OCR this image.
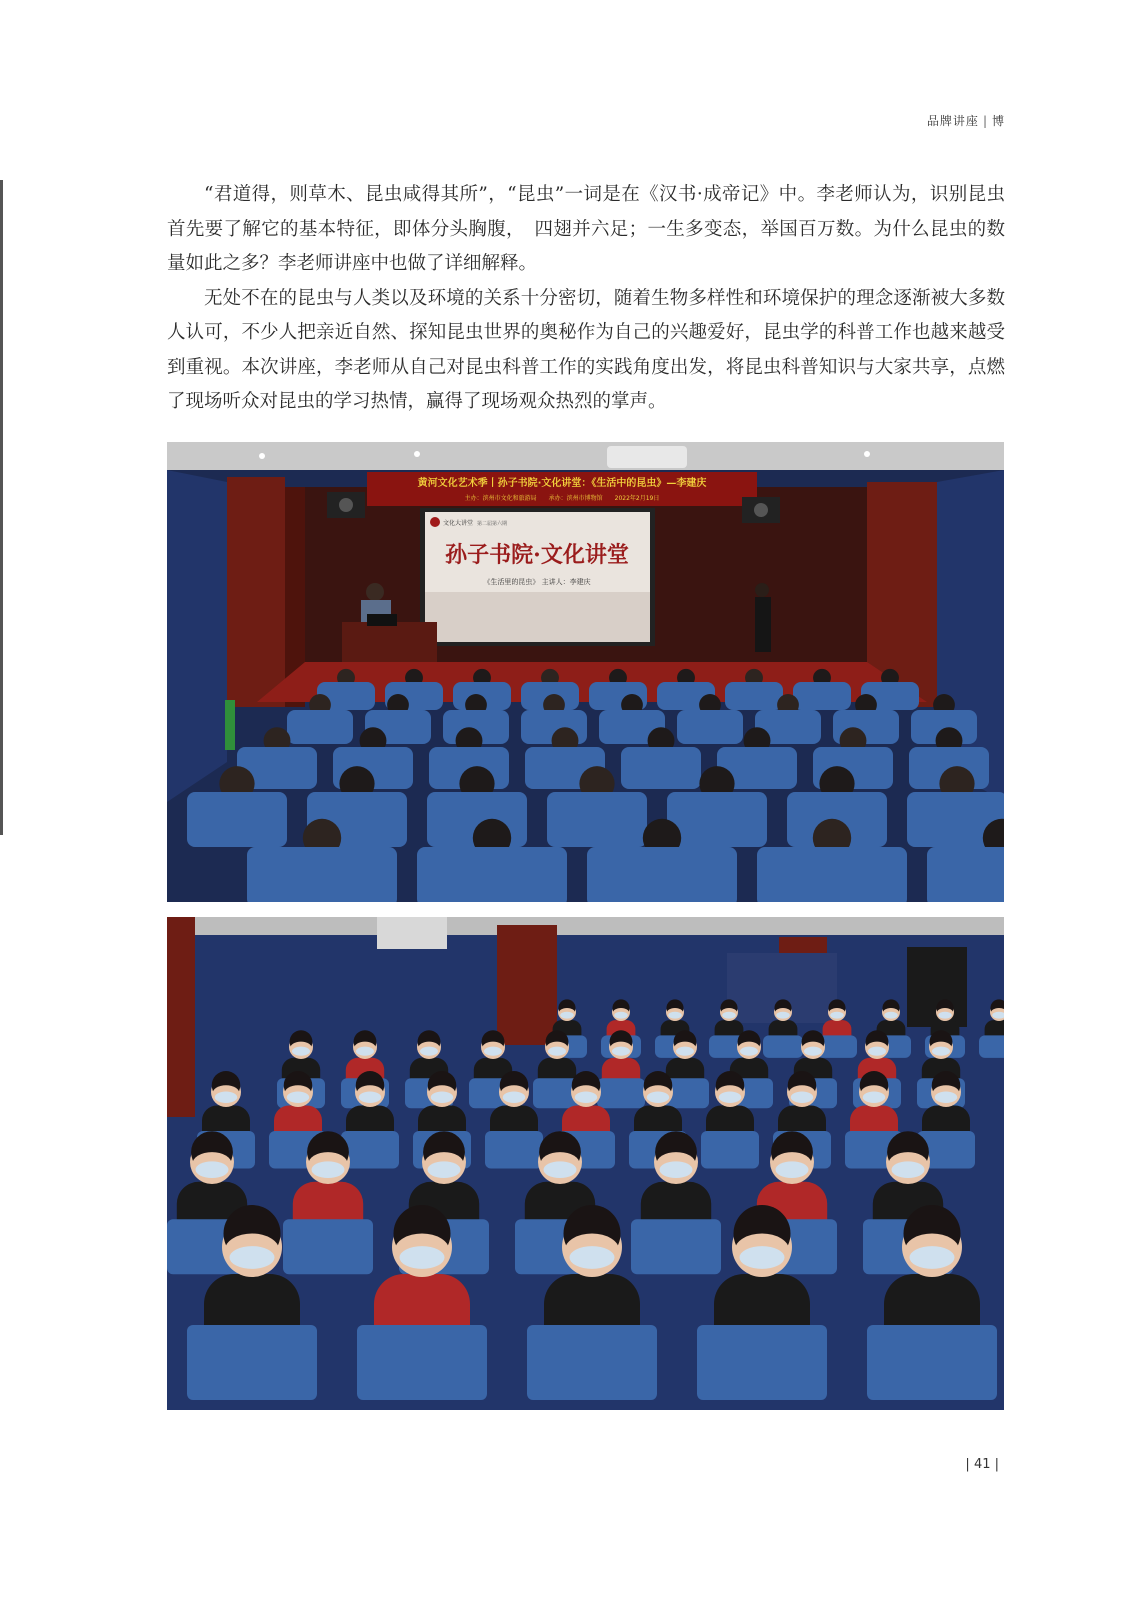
品牌讲座 | 博

“君道得，则草木、昆虫咸得其所”，“昆虫”一词是在《汉书·成帝记》中。李老师认为，识别昆虫首先要了解它的基本特征，即体分头胸腹，　四翅并六足；一生多变态，举国百万数。为什么昆虫的数量如此之多？李老师讲座中也做了详细解释。

无处不在的昆虫与人类以及环境的关系十分密切，随着生物多样性和环境保护的理念逐渐被大多数人认可，不少人把亲近自然、探知昆虫世界的奥秘作为自己的兴趣爱好，昆虫学的科普工作也越来越受到重视。本次讲座，李老师从自己对昆虫科普工作的实践角度出发，将昆虫科普知识与大家共享，点燃了现场听众对昆虫的学习热情，赢得了现场观众热烈的掌声。

黄河文化艺术季丨孙子书院·文化讲堂：《生活中的昆虫》—李建庆
主办：滨州市文化和旅游局　　承办：滨州市博物馆　　2022年2月19日
文化大讲堂 第二届第六期
孙子书院·文化讲堂
《生活里的昆虫》 主讲人：李建庆
| 41 |
